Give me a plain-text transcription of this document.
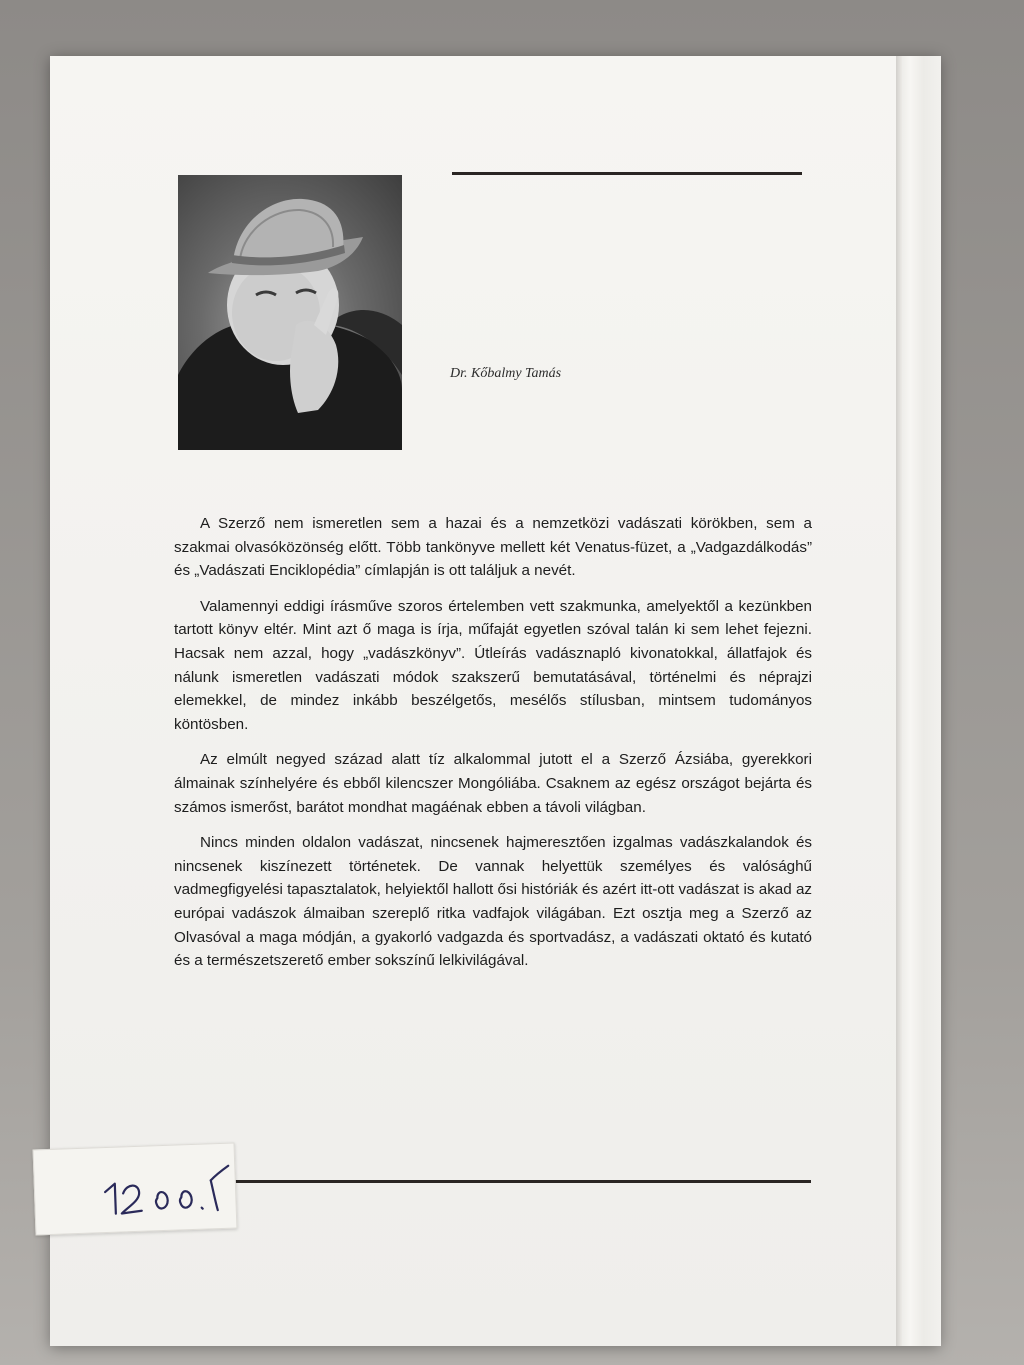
Dr. Kőbalmy Tamás

A Szerző nem ismeretlen sem a hazai és a nemzetközi vadászati körökben, sem a szakmai olvasóközönség előtt. Több tankönyve mellett két Venatus-füzet, a „Vadgazdálkodás” és „Vadászati Enciklopédia” címlapján is ott találjuk a nevét.

Valamennyi eddigi írásműve szoros értelemben vett szakmunka, amelyektől a kezünkben tartott könyv eltér. Mint azt ő maga is írja, műfaját egyetlen szóval talán ki sem lehet fejezni. Hacsak nem azzal, hogy „vadászkönyv”. Útleírás vadásznapló kivonatokkal, állatfajok és nálunk ismeretlen vadászati módok szakszerű bemutatásával, történelmi és néprajzi elemekkel, de mindez inkább beszélgetős, mesélős stílusban, mintsem tudományos köntösben.

Az elmúlt negyed század alatt tíz alkalommal jutott el a Szerző Ázsiába, gyerekkori álmainak színhelyére és ebből kilencszer Mongóliába. Csaknem az egész országot bejárta és számos ismerőst, barátot mondhat magáénak ebben a távoli világban.

Nincs minden oldalon vadászat, nincsenek hajmeresztően izgalmas vadászkalandok és nincsenek kiszínezett történetek. De vannak helyettük személyes és valósághű vadmegfigyelési tapasztalatok, helyiektől hallott ősi históriák és azért itt-ott vadászat is akad az európai vadászok álmaiban szereplő ritka vadfajok világában. Ezt osztja meg a Szerző az Olvasóval a maga módján, a gyakorló vadgazda és sportvadász, a vadászati oktató és kutató és a természetszerető ember sokszínű lelkivilágával.
